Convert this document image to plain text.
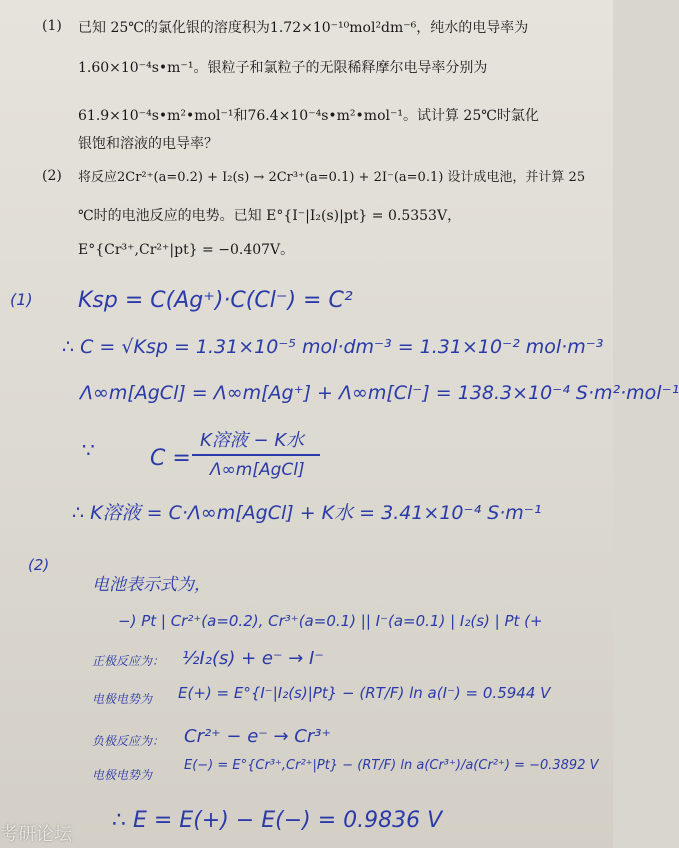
(1) 已知 25℃的氯化银的溶度积为1.72×10⁻¹⁰mol²dm⁻⁶，纯水的电导率为
1.60×10⁻⁴s•m⁻¹。银粒子和氯粒子的无限稀释摩尔电导率分别为
61.9×10⁻⁴s•m²•mol⁻¹和76.4×10⁻⁴s•m²•mol⁻¹。试计算 25℃时氯化
银饱和溶液的电导率？
(2) 将反应2Cr²⁺(a=0.2) + I₂(s) → 2Cr³⁺(a=0.1) + 2I⁻(a=0.1) 设计成电池，并计算 25
℃时的电池反应的电势。已知 E°{I⁻|I₂(s)|pt} = 0.5353V，
E°{Cr³⁺,Cr²⁺|pt} = −0.407V。
(1) Ksp = C(Ag⁺)·C(Cl⁻) = C²
∴ C = √Ksp = 1.31×10⁻⁵ mol·dm⁻³ = 1.31×10⁻² mol·m⁻³
Λ∞m[AgCl] = Λ∞m[Ag⁺] + Λ∞m[Cl⁻] = 138.3×10⁻⁴ S·m²·mol⁻¹
∵	C =
K溶液 − K水
Λ∞m[AgCl]
∴ K溶液 = C·Λ∞m[AgCl] + K水 = 3.41×10⁻⁴ S·m⁻¹
(2)
电池表示式为，
−) Pt | Cr²⁺(a=0.2), Cr³⁺(a=0.1) || I⁻(a=0.1) | I₂(s) | Pt (+
正极反应为： ½I₂(s) + e⁻ → I⁻
电极电势为 E(+) = E°{I⁻|I₂(s)|Pt} − (RT/F) ln a(I⁻) = 0.5944 V
负极反应为： Cr²⁺ − e⁻ → Cr³⁺
电极电势为
E(−) = E°{Cr³⁺,Cr²⁺|Pt} − (RT/F) ln a(Cr³⁺)/a(Cr²⁺) = −0.3892 V
∴ E = E(+) − E(−) = 0.9836 V
考研论坛
